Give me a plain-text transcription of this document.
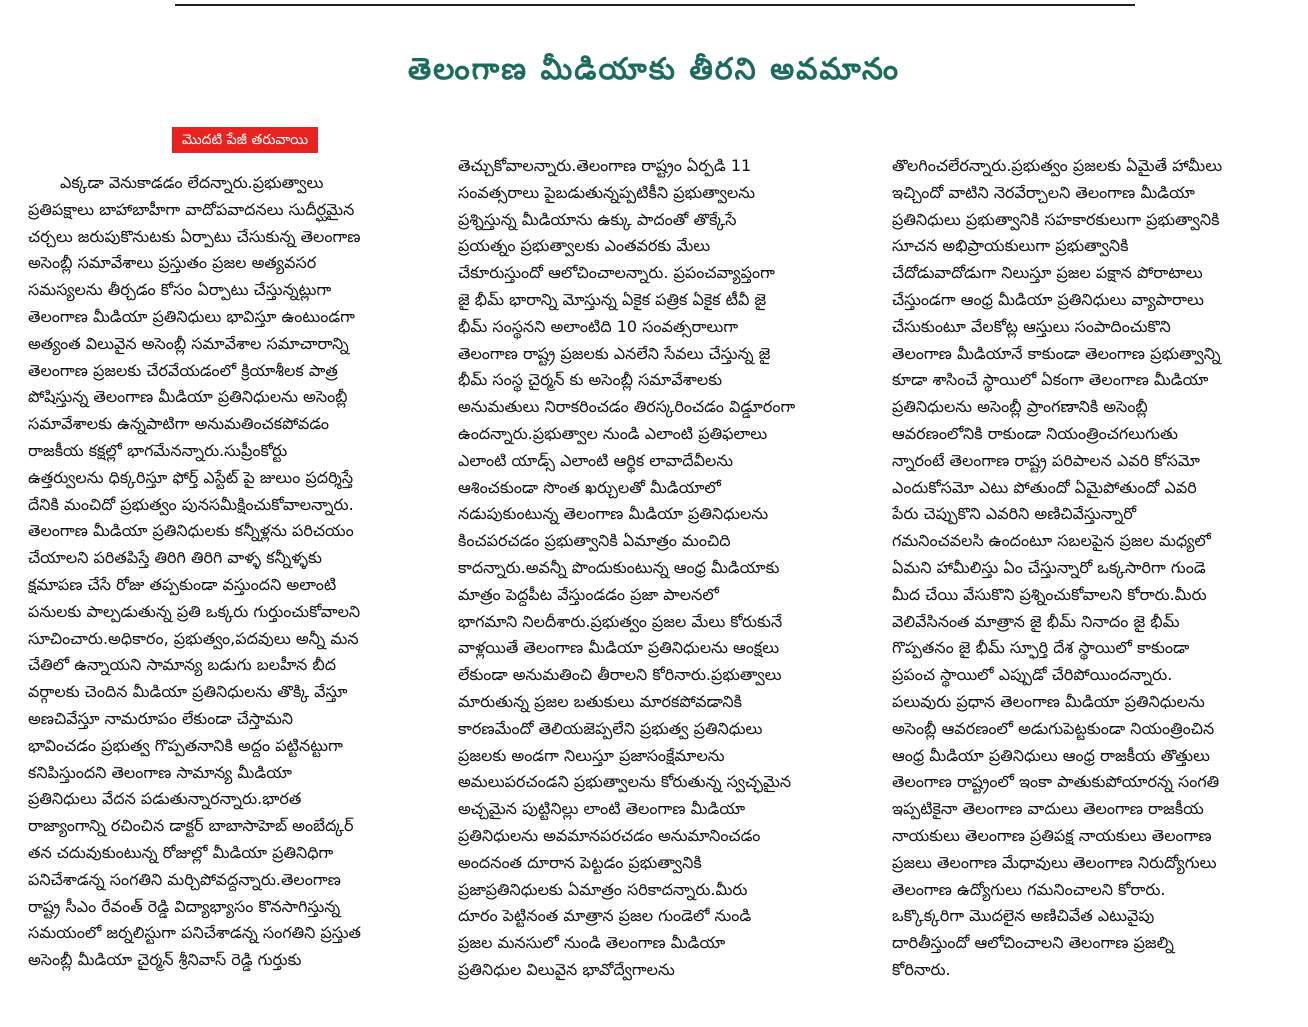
తెలంగాణ మీడియాకు తీరని అవమానం
మొదటి పేజీ తరువాయి
ఎక్కడా వెనుకాడడం లేదన్నారు.ప్రభుత్వాలు
ప్రతిపక్షాలు బాహాబాహీగా వాదోపవాదనలు సుదీర్ఘమైన
చర్చలు జరుపుకొనుటకు ఏర్పాటు చేసుకున్న తెలంగాణ
అసెంబ్లీ సమావేశాలు ప్రస్తుతం ప్రజల అత్యవసర
సమస్యలను తీర్చడం కోసం ఏర్పాటు చేస్తున్నట్లుగా
తెలంగాణ మీడియా ప్రతినిధులు భావిస్తూ ఉంటుండగా
అత్యంత విలువైన అసెంబ్లీ సమావేశాల సమాచారాన్ని
తెలంగాణ ప్రజలకు చేరవేయడంలో క్రియాశీలక పాత్ర
పోషిస్తున్న తెలంగాణ మీడియా ప్రతినిధులను అసెంబ్లీ
సమావేశాలకు ఉన్నపాటిగా అనుమతించకపోవడం
రాజకీయ కక్షల్లో భాగమేనన్నారు.సుప్రీంకోర్టు
ఉత్తర్వులను ధిక్కరిస్తూ ఫోర్త్ ఎస్టేట్ పై జులుం ప్రదర్శిస్తే
దేనికి మంచిదో ప్రభుత్వం పునసమీక్షించుకోవాలన్నారు.
తెలంగాణ మీడియా ప్రతినిధులకు కన్నీళ్లను పరిచయం
చేయాలని పరితపిస్తే తిరిగి తిరిగి వాళ్ళ కన్నీళ్ళకు
క్షమాపణ చేసే రోజు తప్పకుండా వస్తుందని అలాంటి
పనులకు పాల్పడుతున్న ప్రతి ఒక్కరు గుర్తుంచుకోవాలని
సూచించారు.అధికారం, ప్రభుత్వం,పదవులు అన్నీ మన
చేతిలో ఉన్నాయని సామాన్య బడుగు బలహీన బీద
వర్గాలకు చెందిన మీడియా ప్రతినిధులను తొక్కి వేస్తూ
అణచివేస్తూ నామరూపం లేకుండా చేస్తామని
భావించడం ప్రభుత్వ గొప్పతనానికి అద్దం పట్టినట్టుగా
కనిపిస్తుందని తెలంగాణ సామాన్య మీడియా
ప్రతినిధులు వేదన పడుతున్నారన్నారు.భారత
రాజ్యాంగాన్ని రచించిన డాక్టర్ బాబాసాహెబ్ అంబేద్కర్
తన చదువుకుంటున్న రోజుల్లో మీడియా ప్రతినిధిగా
పనిచేశాడన్న సంగతిని మర్చిపోవద్దన్నారు.తెలంగాణ
రాష్ట్ర సీఎం రేవంత్ రెడ్డి విద్యాభ్యాసం కొనసాగిస్తున్న
సమయంలో జర్నలిస్టుగా పనిచేశాడన్న సంగతిని ప్రస్తుత
అసెంబ్లీ మీడియా చైర్మన్ శ్రీనివాస్ రెడ్డి గుర్తుకు
తెచ్చుకోవాలన్నారు.తెలంగాణ రాష్ట్రం ఏర్పడి 11
సంవత్సరాలు పైబడుతున్నప్పటికీని ప్రభుత్వాలను
ప్రశ్నిస్తున్న మీడియాను ఉక్కు పాదంతో తొక్కేసే
ప్రయత్నం ప్రభుత్వాలకు ఎంతవరకు మేలు
చేకూరుస్తుందో ఆలోచించాలన్నారు. ప్రపంచవ్యాప్తంగా
జై భీమ్ భారాన్ని మోస్తున్న ఏకైక పత్రిక ఏకైక టీవీ జై
భీమ్ సంస్థనని అలాంటిది 10 సంవత్సరాలుగా
తెలంగాణ రాష్ట్ర ప్రజలకు ఎనలేని సేవలు చేస్తున్న జై
భీమ్ సంస్థ చైర్మన్ కు అసెంబ్లీ సమావేశాలకు
అనుమతులు నిరాకరించడం తిరస్కరించడం విడ్డూరంగా
ఉందన్నారు.ప్రభుత్వాల నుండి ఎలాంటి ప్రతిఫలాలు
ఎలాంటి యాడ్స్ ఎలాంటి ఆర్థిక లావాదేవీలను
ఆశించకుండా సొంత ఖర్చులతో మీడియాలో
నడుపుకుంటున్న తెలంగాణ మీడియా ప్రతినిధులను
కించపరచడం ప్రభుత్వానికి ఏమాత్రం మంచిది
కాదన్నారు.అవన్నీ పొందుకుంటున్న ఆంధ్ర మీడియాకు
మాత్రం పెద్దపీట వేస్తుండడం ప్రజా పాలనలో
భాగమాని నిలదీశారు.ప్రభుత్వం ప్రజల మేలు కోరుకునే
వాళ్లయితే తెలంగాణ మీడియా ప్రతినిధులను ఆంక్షలు
లేకుండా అనుమతించి తీరాలని కోరినారు.ప్రభుత్వాలు
మారుతున్న ప్రజల బతుకులు మారకపోవడానికి
కారణమేందో తెలియజెప్పలేని ప్రభుత్వ ప్రతినిధులు
ప్రజలకు అండగా నిలుస్తూ ప్రజాసంక్షేమాలను
అమలుపరచండని ప్రభుత్వాలను కోరుతున్న స్వచ్ఛమైన
అచ్చమైన పుట్టినిల్లు లాంటి తెలంగాణ మీడియా
ప్రతినిధులను అవమానపరచడం అనుమానించడం
అందనంత దూరాన పెట్టడం ప్రభుత్వానికి
ప్రజాప్రతినిధులకు ఏమాత్రం సరికాదన్నారు.మీరు
దూరం పెట్టినంత మాత్రాన ప్రజల గుండెలో నుండి
ప్రజల మనసులో నుండి తెలంగాణ మీడియా
ప్రతినిధుల విలువైన భావోద్వేగాలను
తొలగించలేరన్నారు.ప్రభుత్వం ప్రజలకు ఏమైతే హామీలు
ఇచ్చిందో వాటిని నెరవేర్చాలని తెలంగాణ మీడియా
ప్రతినిధులు ప్రభుత్వానికి సహకారకులుగా ప్రభుత్వానికి
సూచన అభిప్రాయకులుగా ప్రభుత్వానికి
చేదోడువాదోడుగా నిలుస్తూ ప్రజల పక్షాన పోరాటాలు
చేస్తుండగా ఆంధ్ర మీడియా ప్రతినిధులు వ్యాపారాలు
చేసుకుంటూ వేలకోట్ల ఆస్తులు సంపాదించుకొని
తెలంగాణ మీడియానే కాకుండా తెలంగాణ ప్రభుత్వాన్ని
కూడా శాసించే స్థాయిలో ఏకంగా తెలంగాణ మీడియా
ప్రతినిధులను అసెంబ్లీ ప్రాంగణానికి అసెంబ్లీ
ఆవరణంలోనికి రాకుండా నియంత్రించగలుగుతు
న్నారంటే తెలంగాణ రాష్ట్ర పరిపాలన ఎవరి కోసమో
ఎందుకోసమో ఎటు పోతుందో ఏమైపోతుందో ఎవరి
పేరు చెప్పుకొని ఎవరిని అణిచివేస్తున్నారో
గమనించవలసి ఉందంటూ సబలపైన ప్రజల మధ్యలో
ఏమని హామీలిస్తు ఏం చేస్తున్నారో ఒక్కసారిగా గుండె
మీద చేయి వేసుకొని ప్రశ్నించుకోవాలని కోరారు.మీరు
వెలివేసినంత మాత్రాన జై భీమ్ నినాదం జై భీమ్
గొప్పతనం జై భీమ్ స్ఫూర్తి దేశ స్థాయిలో కాకుండా
ప్రపంచ స్థాయిలో ఎప్పుడో చేరిపోయిందన్నారు.
పలువురు ప్రధాన తెలంగాణ మీడియా ప్రతినిధులను
అసెంబ్లీ ఆవరణంలో అడుగుపెట్టకుండా నియంత్రించిన
ఆంధ్ర మీడియా ప్రతినిధులు ఆంధ్ర రాజకీయ తొత్తులు
తెలంగాణ రాష్ట్రంలో ఇంకా పాతుకుపోయారన్న సంగతి
ఇప్పటికైనా తెలంగాణ వాదులు తెలంగాణ రాజకీయ
నాయకులు తెలంగాణ ప్రతిపక్ష నాయకులు తెలంగాణ
ప్రజలు తెలంగాణ మేధావులు తెలంగాణ నిరుద్యోగులు
తెలంగాణ ఉద్యోగులు గమనించాలని కోరారు.
ఒక్కొక్కరిగా మొదలైన అణిచివేత ఎటువైపు
దారితీస్తుందో ఆలోచించాలని తెలంగాణ ప్రజల్ని
కోరినారు.
